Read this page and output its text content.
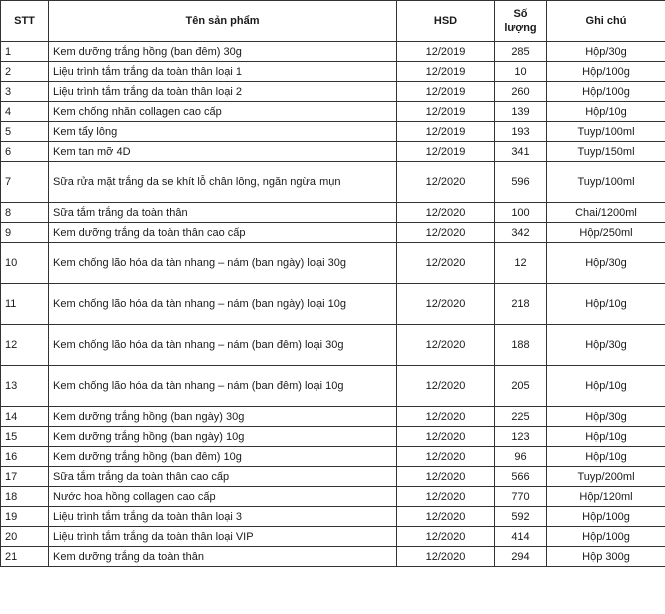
STT	Tên sản phẩm	HSD	Số lượng	Ghi chú
1	Kem dưỡng trắng hồng (ban đêm) 30g	12/2019	285	Hộp/30g
2	Liệu trình tắm trắng da toàn thân loại 1	12/2019	10	Hộp/100g
3	Liệu trình tắm trắng da toàn thân loại 2	12/2019	260	Hộp/100g
4	Kem chống nhăn collagen cao cấp	12/2019	139	Hộp/10g
5	Kem tẩy lông	12/2019	193	Tuyp/100ml
6	Kem tan mỡ 4D	12/2019	341	Tuyp/150ml
7	Sữa rửa mặt trắng da se khít lỗ chân lông, ngăn ngừa mụn	12/2020	596	Tuyp/100ml
8	Sữa tắm trắng da toàn thân	12/2020	100	Chai/1200ml
9	Kem dưỡng trắng da toàn thân cao cấp	12/2020	342	Hộp/250ml
10	Kem chống lão hóa da tàn nhang – nám (ban ngày) loại 30g	12/2020	12	Hộp/30g
11	Kem chống lão hóa da tàn nhang – nám (ban ngày) loại 10g	12/2020	218	Hộp/10g
12	Kem chống lão hóa da tàn nhang – nám (ban đêm) loại 30g	12/2020	188	Hộp/30g
13	Kem chống lão hóa da tàn nhang – nám (ban đêm) loại 10g	12/2020	205	Hộp/10g
14	Kem dưỡng trắng hồng (ban ngày) 30g	12/2020	225	Hộp/30g
15	Kem dưỡng trắng hồng (ban ngày) 10g	12/2020	123	Hộp/10g
16	Kem dưỡng trắng hồng (ban đêm) 10g	12/2020	96	Hộp/10g
17	Sữa tắm trắng da toàn thân cao cấp	12/2020	566	Tuyp/200ml
18	Nước hoa hồng collagen cao cấp	12/2020	770	Hộp/120ml
19	Liệu trình tắm trắng da toàn thân loại 3	12/2020	592	Hộp/100g
20	Liệu trình tắm trắng da toàn thân loại VIP	12/2020	414	Hộp/100g
21	Kem dưỡng trắng da toàn thân	12/2020	294	Hộp 300g
